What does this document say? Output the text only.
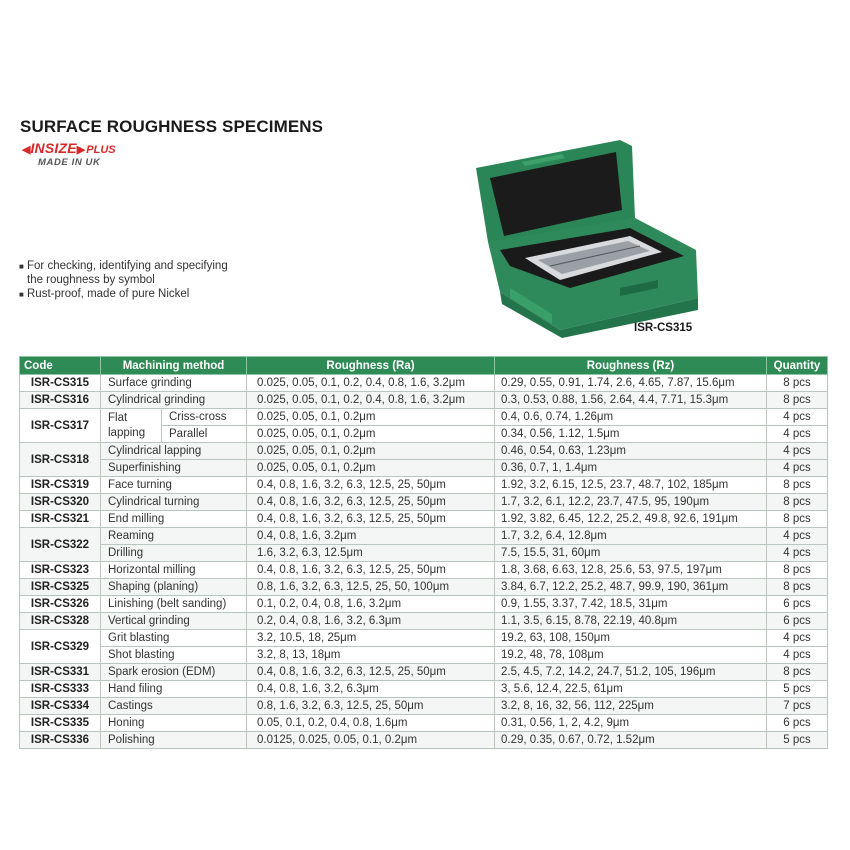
SURFACE ROUGHNESS SPECIMENS
◀INSIZE▶PLUS
MADE IN UK
■ For checking, identifying and specifying
the roughness by symbol
■ Rust-proof, made of pure Nickel
ISR-CS315
Code	Machining method		Roughness (Ra)	Roughness (Rz)	Quantity
ISR-CS315	Surface grinding		0.025, 0.05, 0.1, 0.2, 0.4, 0.8, 1.6, 3.2μm	0.29, 0.55, 0.91, 1.74, 2.6, 4.65, 7.87, 15.6μm	8 pcs
ISR-CS316	Cylindrical grinding		0.025, 0.05, 0.1, 0.2, 0.4, 0.8, 1.6, 3.2μm	0.3, 0.53, 0.88, 1.56, 2.64, 4.4, 7.71, 15.3μm	8 pcs
ISR-CS317	Flat lapping	Criss-cross	0.025, 0.05, 0.1, 0.2μm	0.4, 0.6, 0.74, 1.26μm	4 pcs
		Parallel	0.025, 0.05, 0.1, 0.2μm	0.34, 0.56, 1.12, 1.5μm	4 pcs
ISR-CS318	Cylindrical lapping		0.025, 0.05, 0.1, 0.2μm	0.46, 0.54, 0.63, 1.23μm	4 pcs
	Superfinishing		0.025, 0.05, 0.1, 0.2μm	0.36, 0.7, 1, 1.4μm	4 pcs
ISR-CS319	Face turning		0.4, 0.8, 1.6, 3.2, 6.3, 12.5, 25, 50μm	1.92, 3.2, 6.15, 12.5, 23.7, 48.7, 102, 185μm	8 pcs
ISR-CS320	Cylindrical turning		0.4, 0.8, 1.6, 3.2, 6.3, 12.5, 25, 50μm	1.7, 3.2, 6.1, 12.2, 23.7, 47.5, 95, 190μm	8 pcs
ISR-CS321	End milling		0.4, 0.8, 1.6, 3.2, 6.3, 12.5, 25, 50μm	1.92, 3.82, 6.45, 12.2, 25.2, 49.8, 92.6, 191μm	8 pcs
ISR-CS322	Reaming		0.4, 0.8, 1.6, 3.2μm	1.7, 3.2, 6.4, 12.8μm	4 pcs
	Drilling		1.6, 3.2, 6.3, 12.5μm	7.5, 15.5, 31, 60μm	4 pcs
ISR-CS323	Horizontal milling		0.4, 0.8, 1.6, 3.2, 6.3, 12.5, 25, 50μm	1.8, 3.68, 6.63, 12.8, 25.6, 53, 97.5, 197μm	8 pcs
ISR-CS325	Shaping (planing)		0.8, 1.6, 3.2, 6.3, 12.5, 25, 50, 100μm	3.84, 6.7, 12.2, 25.2, 48.7, 99.9, 190, 361μm	8 pcs
ISR-CS326	Linishing (belt sanding)		0.1, 0.2, 0.4, 0.8, 1.6, 3.2μm	0.9, 1.55, 3.37, 7.42, 18.5, 31μm	6 pcs
ISR-CS328	Vertical grinding		0.2, 0.4, 0.8, 1.6, 3.2, 6.3μm	1.1, 3.5, 6.15, 8.78, 22.19, 40.8μm	6 pcs
ISR-CS329	Grit blasting		3.2, 10.5, 18, 25μm	19.2, 63, 108, 150μm	4 pcs
	Shot blasting		3.2, 8, 13, 18μm	19.2, 48, 78, 108μm	4 pcs
ISR-CS331	Spark erosion (EDM)		0.4, 0.8, 1.6, 3.2, 6.3, 12.5, 25, 50μm	2.5, 4.5, 7.2, 14.2, 24.7, 51.2, 105, 196μm	8 pcs
ISR-CS333	Hand filing		0.4, 0.8, 1.6, 3.2, 6.3μm	3, 5.6, 12.4, 22.5, 61μm	5 pcs
ISR-CS334	Castings		0.8, 1.6, 3.2, 6.3, 12.5, 25, 50μm	3.2, 8, 16, 32, 56, 112, 225μm	7 pcs
ISR-CS335	Honing		0.05, 0.1, 0.2, 0.4, 0.8, 1.6μm	0.31, 0.56, 1, 2, 4.2, 9μm	6 pcs
ISR-CS336	Polishing		0.0125, 0.025, 0.05, 0.1, 0.2μm	0.29, 0.35, 0.67, 0.72, 1.52μm	5 pcs
